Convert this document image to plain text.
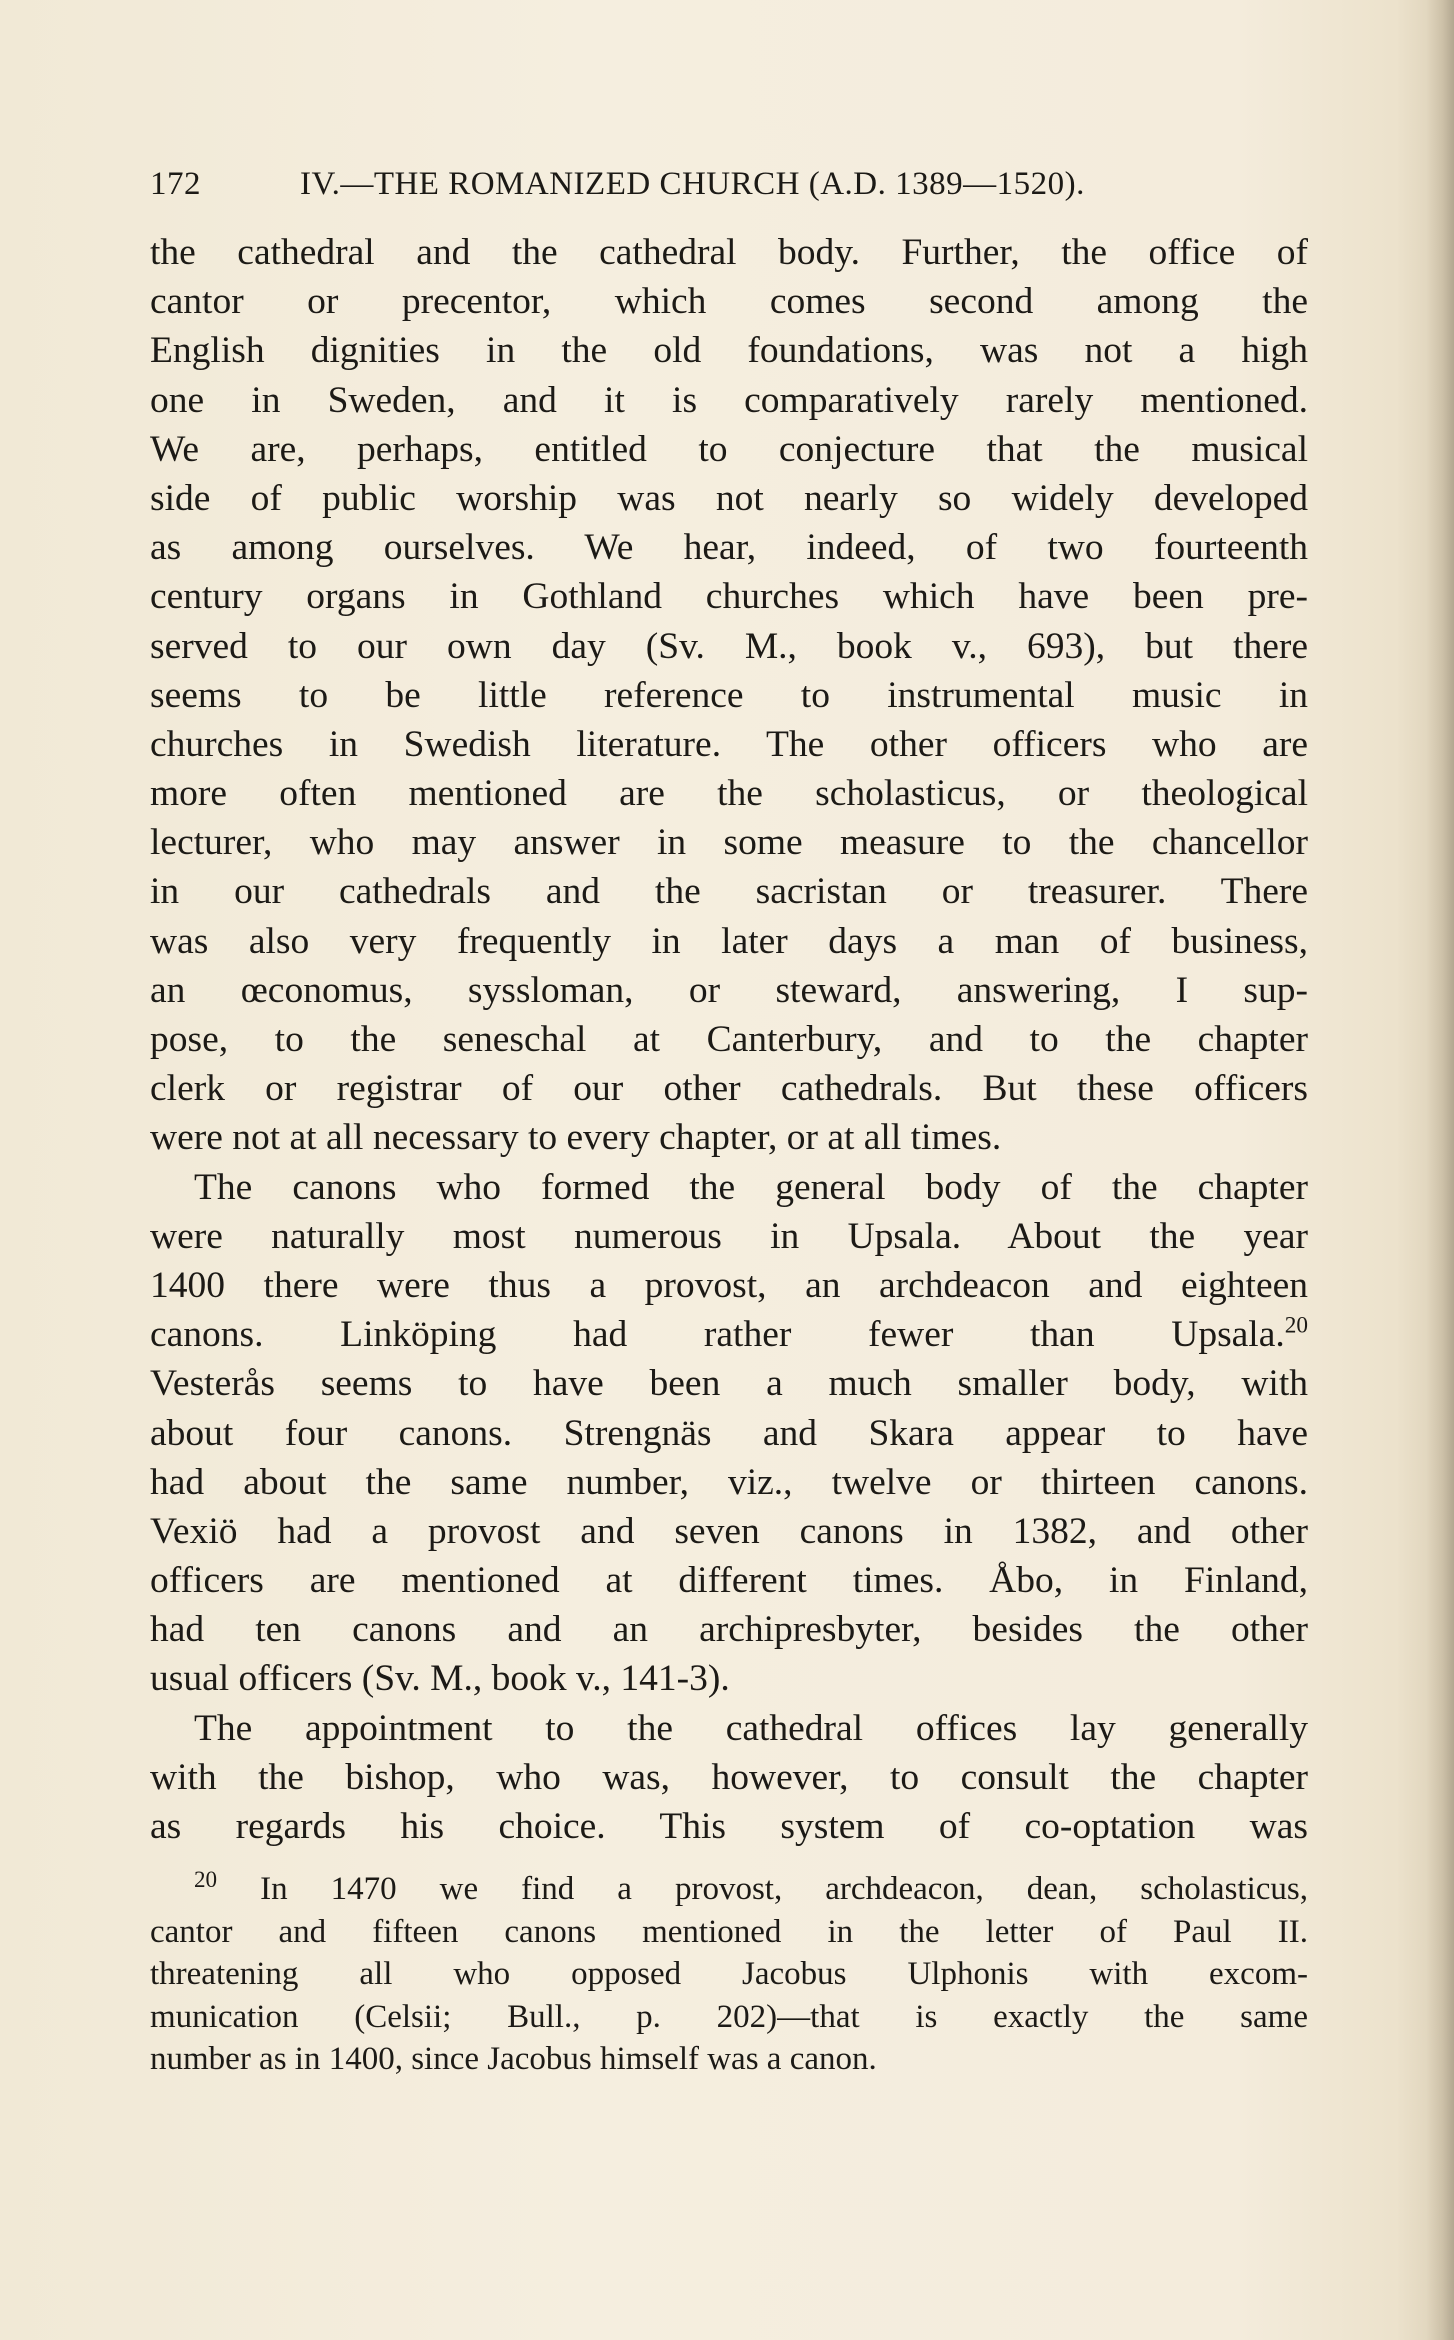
172	IV.—THE ROMANIZED CHURCH (A.D. 1389—1520).
the cathedral and the cathedral body. Further, the office of
cantor or precentor, which comes second among the
English dignities in the old foundations, was not a high
one in Sweden, and it is comparatively rarely mentioned.
We are, perhaps, entitled to conjecture that the musical
side of public worship was not nearly so widely developed
as among ourselves. We hear, indeed, of two fourteenth
century organs in Gothland churches which have been pre-
served to our own day (Sv. M., book v., 693), but there
seems to be little reference to instrumental music in
churches in Swedish literature. The other officers who are
more often mentioned are the scholasticus, or theological
lecturer, who may answer in some measure to the chancellor
in our cathedrals and the sacristan or treasurer. There
was also very frequently in later days a man of business,
an œconomus, syssloman, or steward, answering, I sup-
pose, to the seneschal at Canterbury, and to the chapter
clerk or registrar of our other cathedrals. But these officers
were not at all necessary to every chapter, or at all times.
The canons who formed the general body of the chapter
were naturally most numerous in Upsala. About the year
1400 there were thus a provost, an archdeacon and eighteen
canons. Linköping had rather fewer than Upsala.$^{20}$
Vesterås seems to have been a much smaller body, with
about four canons. Strengnäs and Skara appear to have
had about the same number, viz., twelve or thirteen canons.
Vexiö had a provost and seven canons in 1382, and other
officers are mentioned at different times. Åbo, in Finland,
had ten canons and an archipresbyter, besides the other
usual officers (Sv. M., book v., 141-3).
The appointment to the cathedral offices lay generally
with the bishop, who was, however, to consult the chapter
as regards his choice. This system of co-optation was
$^{20}$ In 1470 we find a provost, archdeacon, dean, scholasticus,
cantor and fifteen canons mentioned in the letter of Paul II.
threatening all who opposed Jacobus Ulphonis with excom-
munication (Celsii; Bull., p. 202)—that is exactly the same
number as in 1400, since Jacobus himself was a canon.
